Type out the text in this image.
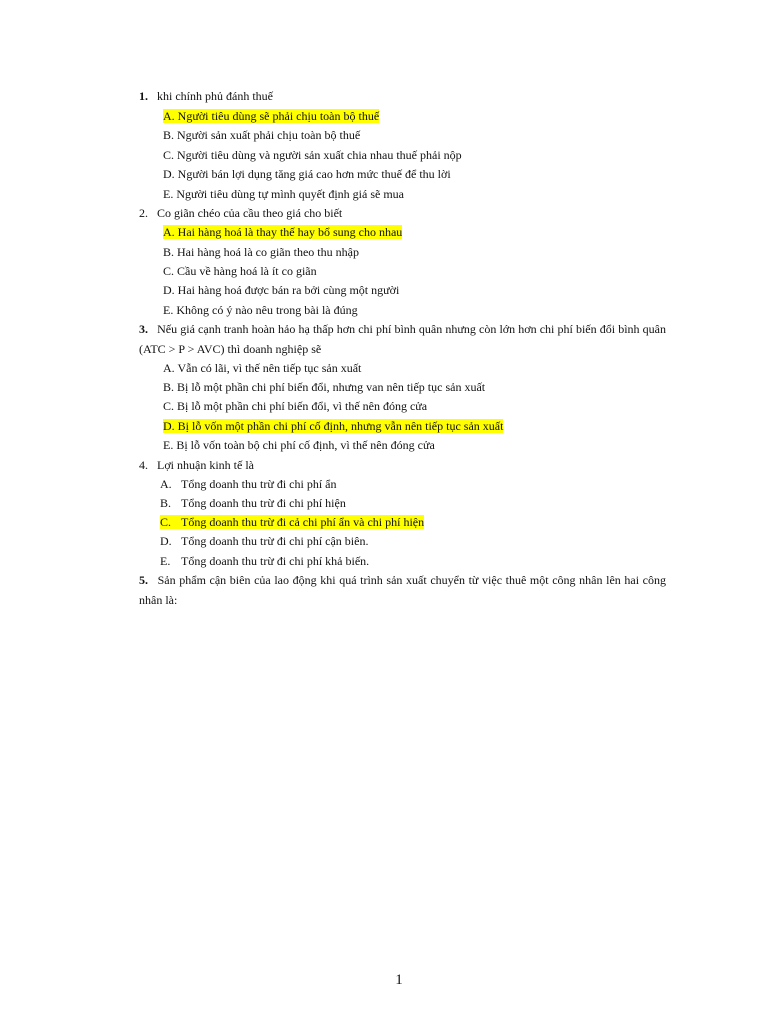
1. khi chính phủ đánh thuế
A. Người tiêu dùng sẽ phải chịu toàn bộ thuế
B. Người sản xuất phải chịu toàn bộ thuế
C. Người tiêu dùng và người sản xuất chia nhau thuế phải nộp
D. Người bán lợi dụng tăng giá cao hơn mức thuế để thu lời
E. Người tiêu dùng tự mình quyết định giá sẽ mua
2. Co giãn chéo của cầu theo giá cho biết
A. Hai hàng hoá là thay thế hay bổ sung cho nhau
B. Hai hàng hoá là co giãn theo thu nhập
C. Cầu về hàng hoá là ít co giãn
D. Hai hàng hoá được bán ra bởi cùng một người
E. Không có ý nào nêu trong bài là đúng
3. Nếu giá cạnh tranh hoàn hảo hạ thấp hơn chi phí bình quân nhưng còn lớn hơn chi phí biến đổi bình quân (ATC > P > AVC) thì doanh nghiệp sẽ
A. Vẫn có lãi, vì thế nên tiếp tục sản xuất
B. Bị lỗ một phần chi phí biến đổi, nhưng van nên tiếp tục sản xuất
C. Bị lỗ một phần chi phí biến đổi, vì thế nên đóng cửa
D. Bị lỗ vốn một phần chi phí cố định, nhưng vẫn nên tiếp tục sản xuất
E. Bị lỗ vốn toàn bộ chi phí cố định, vì thế nên đóng cửa
4. Lợi nhuận kinh tế là
A. Tổng doanh thu trừ đi chi phí ẩn
B. Tổng doanh thu trừ đi chi phí hiện
C. Tổng doanh thu trừ đi cả chi phí ẩn và chi phí hiện
D. Tổng doanh thu trừ đi chi phí cận biên.
E. Tổng doanh thu trừ đi chi phí khả biến.
5. Sản phẩm cận biên của lao động khi quá trình sản xuất chuyển từ việc thuê một công nhân lên hai công nhân là:
1
